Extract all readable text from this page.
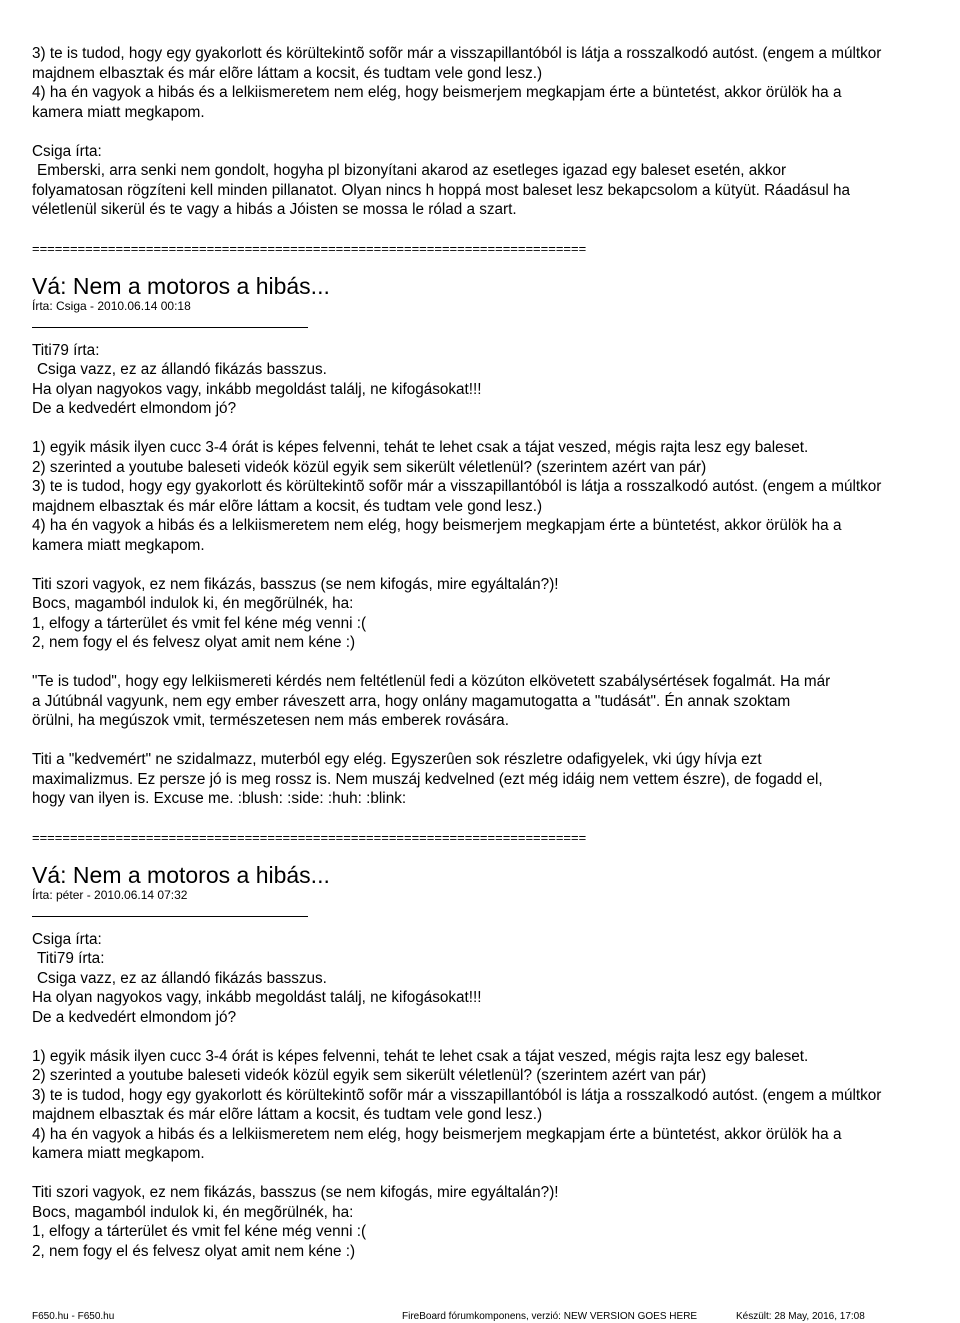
3) te is tudod, hogy egy gyakorlott és körültekintõ sofõr már a visszapillantóból is látja a rosszalkodó autóst. (engem a múltkor
majdnem elbasztak és már elõre láttam a kocsit, és tudtam vele gond lesz.)
4) ha én vagyok a hibás és a lelkiismeretem nem elég, hogy beismerjem megkapjam érte a büntetést, akkor örülök ha a
kamera miatt megkapom.
Csiga írta:
Emberski, arra senki nem gondolt, hogyha pl bizonyítani akarod az esetleges igazad egy baleset esetén, akkor
folyamatosan rögzíteni kell minden pillanatot. Olyan nincs h hoppá most baleset lesz bekapcsolom a kütyüt. Ráadásul ha
véletlenül sikerül és te vagy a hibás a Jóisten se mossa le rólad a szart.
=========================================================================
Vá: Nem a motoros a hibás...
Írta: Csiga - 2010.06.14 00:18
Titi79 írta:
Csiga vazz, ez az állandó fikázás basszus.
Ha olyan nagyokos vagy, inkább megoldást találj, ne kifogásokat!!!
De a kedvedért elmondom jó?
1) egyik másik ilyen cucc 3-4 órát is képes felvenni, tehát te lehet csak a tájat veszed, mégis rajta lesz egy baleset.
2) szerinted a youtube baleseti videók közül egyik sem sikerült véletlenül? (szerintem azért van pár)
3) te is tudod, hogy egy gyakorlott és körültekintõ sofõr már a visszapillantóból is látja a rosszalkodó autóst. (engem a múltkor
majdnem elbasztak és már elõre láttam a kocsit, és tudtam vele gond lesz.)
4) ha én vagyok a hibás és a lelkiismeretem nem elég, hogy beismerjem megkapjam érte a büntetést, akkor örülök ha a
kamera miatt megkapom.
Titi szori vagyok, ez nem fikázás, basszus (se nem kifogás, mire egyáltalán?)!
Bocs, magamból indulok ki, én megõrülnék, ha:
1, elfogy a tárterület és vmit fel kéne még venni :(
2, nem fogy el és felvesz olyat amit nem kéne :)
"Te is tudod", hogy egy lelkiismereti kérdés nem feltétlenül fedi a közúton elkövetett szabálysértések fogalmát. Ha már
a Jútúbnál vagyunk, nem egy ember ráveszett arra, hogy onlány magamutogatta a "tudását". Én annak szoktam
örülni, ha megúszok vmit, természetesen nem más emberek rovására.
Titi a "kedvemért" ne szidalmazz, muterból egy elég. Egyszerûen sok részletre odafigyelek, vki úgy hívja ezt
maximalizmus. Ez persze jó is meg rossz is. Nem muszáj kedvelned (ezt még idáig nem vettem észre), de fogadd el,
hogy van ilyen is. Excuse me. :blush: :side: :huh: :blink:
=========================================================================
Vá: Nem a motoros a hibás...
Írta: péter - 2010.06.14 07:32
Csiga írta:
Titi79 írta:
Csiga vazz, ez az állandó fikázás basszus.
Ha olyan nagyokos vagy, inkább megoldást találj, ne kifogásokat!!!
De a kedvedért elmondom jó?
1) egyik másik ilyen cucc 3-4 órát is képes felvenni, tehát te lehet csak a tájat veszed, mégis rajta lesz egy baleset.
2) szerinted a youtube baleseti videók közül egyik sem sikerült véletlenül? (szerintem azért van pár)
3) te is tudod, hogy egy gyakorlott és körültekintõ sofõr már a visszapillantóból is látja a rosszalkodó autóst. (engem a múltkor
majdnem elbasztak és már elõre láttam a kocsit, és tudtam vele gond lesz.)
4) ha én vagyok a hibás és a lelkiismeretem nem elég, hogy beismerjem megkapjam érte a büntetést, akkor örülök ha a
kamera miatt megkapom.
Titi szori vagyok, ez nem fikázás, basszus (se nem kifogás, mire egyáltalán?)!
Bocs, magamból indulok ki, én megõrülnék, ha:
1, elfogy a tárterület és vmit fel kéne még venni :(
2, nem fogy el és felvesz olyat amit nem kéne :)
F650.hu - F650.hu	FireBoard fórumkomponens, verzió: NEW VERSION GOES HERE	Készült: 28 May, 2016, 17:08
